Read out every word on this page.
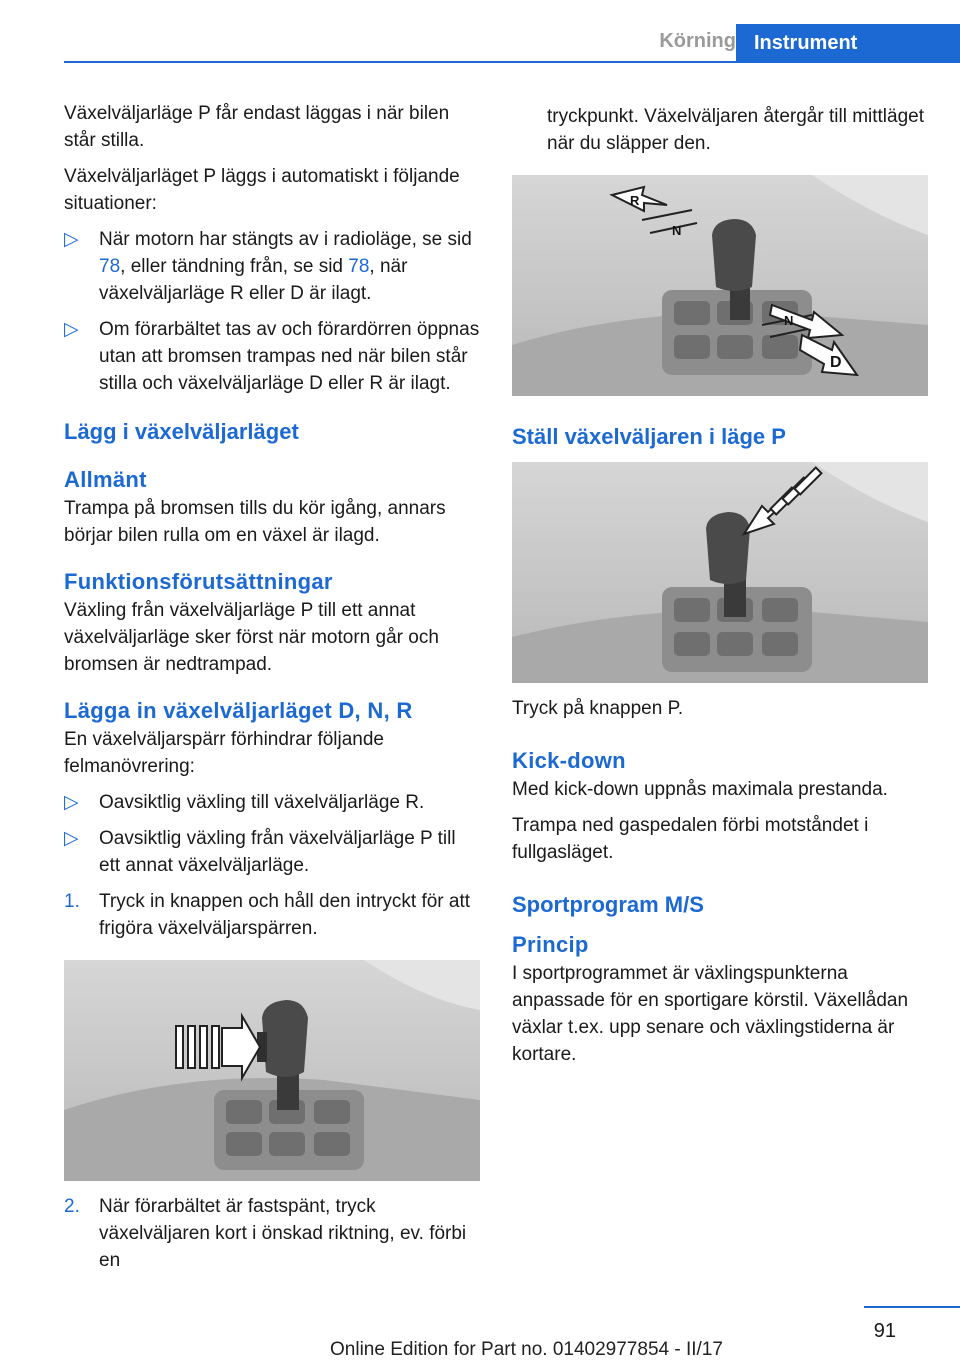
Körning Instrument

Växelväljarläge P får endast läggas i när bilen står stilla.

Växelväljarläget P läggs i automatiskt i följande situationer:

▷ När motorn har stängts av i radioläge, se sid 78, eller tändning från, se sid 78, när växelväljarläge R eller D är ilagt.
▷ Om förarbältet tas av och förardörren öppnas utan att bromsen trampas ned när bilen står stilla och växelväljarläge D eller R är ilagt.
Lägg i växelväljarläget
Allmänt

Trampa på bromsen tills du kör igång, annars börjar bilen rulla om en växel är ilagd.

Funktionsförutsättningar

Växling från växelväljarläge P till ett annat växelväljarläge sker först när motorn går och bromsen är nedtrampad.

Lägga in växelväljarläget D, N, R

En växelväljarspärr förhindrar följande felmanövrering:

▷ Oavsiktlig växling till växelväljarläge R.
▷ Oavsiktlig växling från växelväljarläge P till ett annat växelväljarläge.
1. Tryck in knappen och håll den intryckt för att frigöra växelväljarspärren.
2. När förarbältet är fastspänt, tryck växelväljaren kort i önskad riktning, ev. förbi en

tryckpunkt. Växelväljaren återgår till mittläget när du släpper den.

R
N
N
D
Ställ växelväljaren i läge P

Tryck på knappen P.

Kick-down

Med kick-down uppnås maximala prestanda.

Trampa ned gaspedalen förbi motståndet i fullgasläget.

Sportprogram M/S
Princip

I sportprogrammet är växlingspunkterna anpassade för en sportigare körstil. Växellådan växlar t.ex. upp senare och växlingstiderna är kortare.

91
Online Edition for Part no. 01402977854 - II/17
